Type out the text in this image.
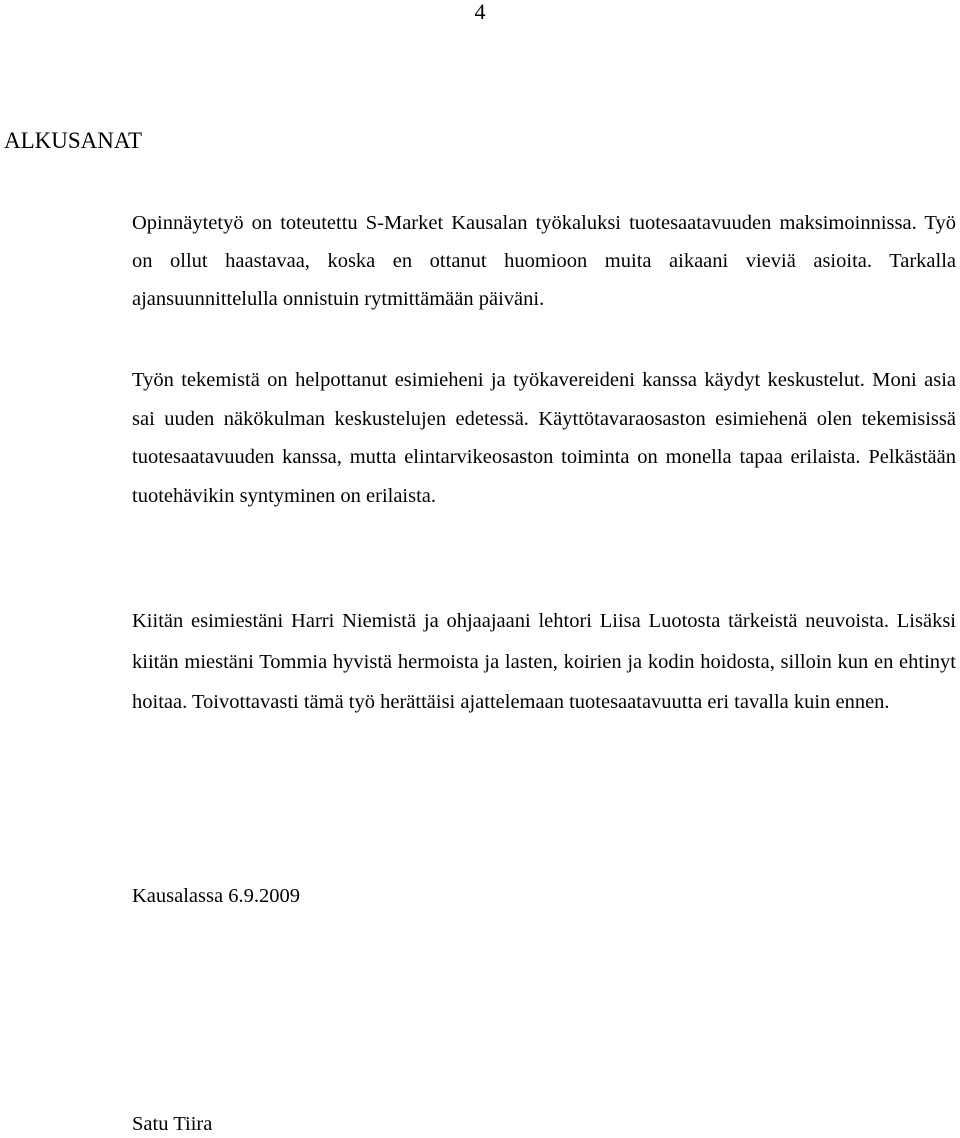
4
ALKUSANAT

Opinnäytetyö on toteutettu S-Market Kausalan työkaluksi tuotesaatavuuden maksimoinnissa. Työ on ollut haastavaa, koska en ottanut huomioon muita aikaani vieviä asioita. Tarkalla ajansuunnittelulla onnistuin rytmittämään päiväni.

Työn tekemistä on helpottanut esimieheni ja työkavereideni kanssa käydyt keskustelut. Moni asia sai uuden näkökulman keskustelujen edetessä. Käyttötavaraosaston esimiehenä olen tekemisissä tuotesaatavuuden kanssa, mutta elintarvikeosaston toiminta on monella tapaa erilaista. Pelkästään tuotehävikin syntyminen on erilaista.

Kiitän esimiestäni Harri Niemistä ja ohjaajaani lehtori Liisa Luotosta tärkeistä neuvoista. Lisäksi kiitän miestäni Tommia hyvistä hermoista ja lasten, koirien ja kodin hoidosta, silloin kun en ehtinyt hoitaa. Toivottavasti tämä työ herättäisi ajattelemaan tuotesaatavuutta eri tavalla kuin ennen.

Kausalassa 6.9.2009
Satu Tiira
